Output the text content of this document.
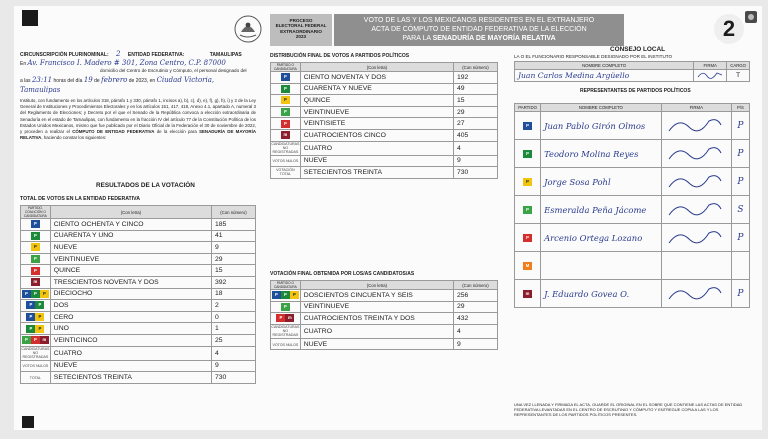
PROCESO
ELECTORAL FEDERAL
EXTRAORDINARIO
2023
VOTO DE LAS Y LOS MEXICANOS RESIDENTES EN EL EXTRANJERO
ACTA DE CÓMPUTO DE ENTIDAD FEDERATIVA DE LA ELECCIÓN
PARA LA SENADURÍA DE MAYORÍA RELATIVA	2
CIRCUNSCRIPCIÓN PLURINOMINAL: 2 ENTIDAD FEDERATIVA:	TAMAULIPAS
En Av. Francisco I. Madero # 301, Zona Centro, C.P. 87000
domicilio del Centro de Escrutinio y Cómputo, el personal designado del
a las 23:11 horas del día 19 de febrero de 2023, en Ciudad Victoria,
Tamaulipas
Instituto, con fundamento en los artículos 318, párrafo 1 y 330, párrafo 1, incisos a), b), c), d), e), f), g), h), i) y 2 de la Ley General de Instituciones y Procedimientos Electorales y en los artículos 151, 417, 418, Anexo 4.1, apartado A, numeral 3 del Reglamento de Elecciones; y Decreto por el que el Senado de la República convoca a elección extraordinaria de Senaduría en el estado de Tamaulipas, con fundamento en la fracción IV del artículo 77 de la Constitución Política de los Estados Unidos Mexicanos, mismo que fue publicado por el Diario Oficial de la Federación el 30 de noviembre de 2022, y proceden a realizar el CÓMPUTO DE ENTIDAD FEDERATIVA de la elección para SENADURÍA DE MAYORÍA RELATIVA, haciendo constar los siguientes:
RESULTADOS DE LA VOTACIÓN
TOTAL DE VOTOS EN LA ENTIDAD FEDERATIVA
PARTIDO, COALICIÓN O CANDIDATURA	(Con letra)	(Con número)
P	CIENTO OCHENTA Y CINCO	185
P	CUARENTA Y UNO	41
P	NUEVE	9
P	VEINTINUEVE	29
P	QUINCE	15
m	TRESCIENTOS NOVENTA Y DOS	392
P P P	DIECIOCHO	18
P P	DOS	2
P P	CERO	0
P P	UNO	1
P P m	VEINTICINCO	25
CANDIDATURAS NO REGISTRADAS	CUATRO	4
VOTOS NULOS	NUEVE	9
TOTAL	SETECIENTOS TREINTA	730
DISTRIBUCIÓN FINAL DE VOTOS A PARTIDOS POLÍTICOS
PARTIDO O CANDIDATURA	(Con letra)	(Con número)
P	CIENTO NOVENTA Y DOS	192
P	CUARENTA Y NUEVE	49
P	QUINCE	15
P	VEINTINUEVE	29
P	VEINTISIETE	27
m	CUATROCIENTOS CINCO	405
CANDIDATURAS NO REGISTRADAS	CUATRO	4
VOTOS NULOS	NUEVE	9
VOTACIÓN TOTAL	SETECIENTOS TREINTA	730
VOTACIÓN FINAL OBTENIDA POR LOS/AS CANDIDATOS/AS
PARTIDO O CANDIDATURA	(Con letra)	(Con número)
P P P	DOSCIENTOS CINCUENTA Y SEIS	256
P	VEINTINUEVE	29
P m	CUATROCIENTOS TREINTA Y DOS	432
CANDIDATURAS NO REGISTRADAS	CUATRO	4
VOTOS NULOS	NUEVE	9
CONSEJO LOCAL
LA O EL FUNCIONARIO RESPONSABLE DESIGNADO POR EL INSTITUTO
NOMBRE COMPLETO	FIRMA	CARGO
Juan Carlos Medina Argüello		T
REPRESENTANTES DE PARTIDOS POLÍTICOS
PARTIDO	NOMBRE COMPLETO	FIRMA	P/S
P	Juan Pablo Girón Olmos		P
P	Teodoro Molina Reyes		P
P	Jorge Sosa Pohl		P
P	Esmeralda Peña Jácome		S
P	Arcenio Ortega Lozano		P
M			
m	J. Eduardo Govea O.		P
UNA VEZ LLENADA Y FIRMADA EL ACTA, GUARDE EL ORIGINAL EN EL SOBRE QUE CONTIENE LAS ACTAS DE ENTIDAD FEDERATIVA LEVANTADAS EN EL CENTRO DE ESCRUTINIO Y CÓMPUTO Y ENTREGUE COPIA A LAS Y LOS REPRESENTANTES DE LOS PARTIDOS POLÍTICOS PRESENTES.
